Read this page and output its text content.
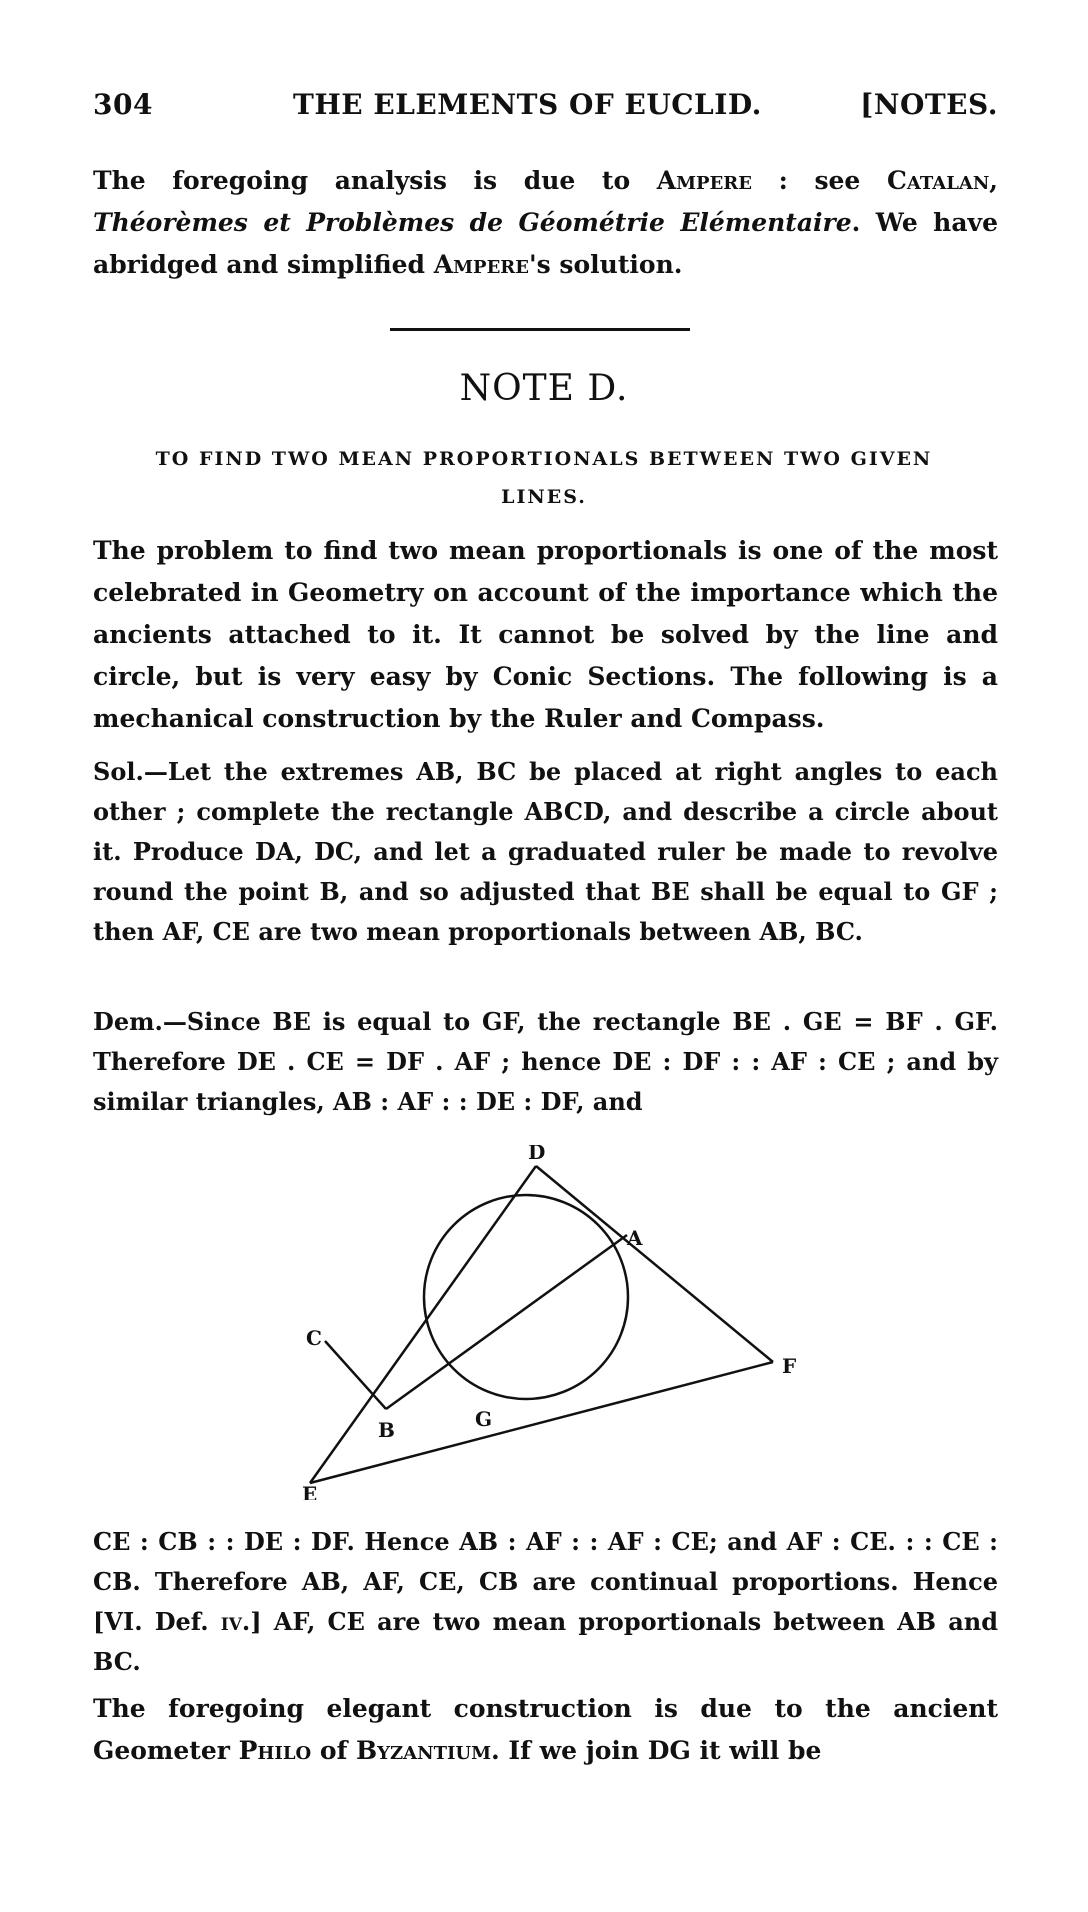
304	THE ELEMENTS OF EUCLID.	[NOTES.

The foregoing analysis is due to Ampere : see Catalan, Théorèmes et Problèmes de Géométrie Elémentaire. We have abridged and simplified Ampere's solution.

NOTE D.
TO FIND TWO MEAN PROPORTIONALS BETWEEN TWO GIVEN LINES.

The problem to find two mean proportionals is one of the most celebrated in Geometry on account of the importance which the ancients attached to it. It cannot be solved by the line and circle, but is very easy by Conic Sections. The following is a mechanical construction by the Ruler and Compass.

Sol.—Let the extremes AB, BC be placed at right angles to each other ; complete the rectangle ABCD, and describe a circle about it. Produce DA, DC, and let a graduated ruler be made to revolve round the point B, and so adjusted that BE shall be equal to GF ; then AF, CE are two mean proportionals between AB, BC.

Dem.—Since BE is equal to GF, the rectangle BE . GE = BF . GF. Therefore DE . CE = DF . AF ; hence DE : DF : : AF : CE ; and by similar triangles, AB : AF : : DE : DF, and

D
A
C
F
B	G
E

CE : CB : : DE : DF. Hence AB : AF : : AF : CE; and AF : CE. : : CE : CB. Therefore AB, AF, CE, CB are continual proportions. Hence [VI. Def. iv.] AF, CE are two mean proportionals between AB and BC.

The foregoing elegant construction is due to the ancient Geometer Philo of Byzantium. If we join DG it will be
